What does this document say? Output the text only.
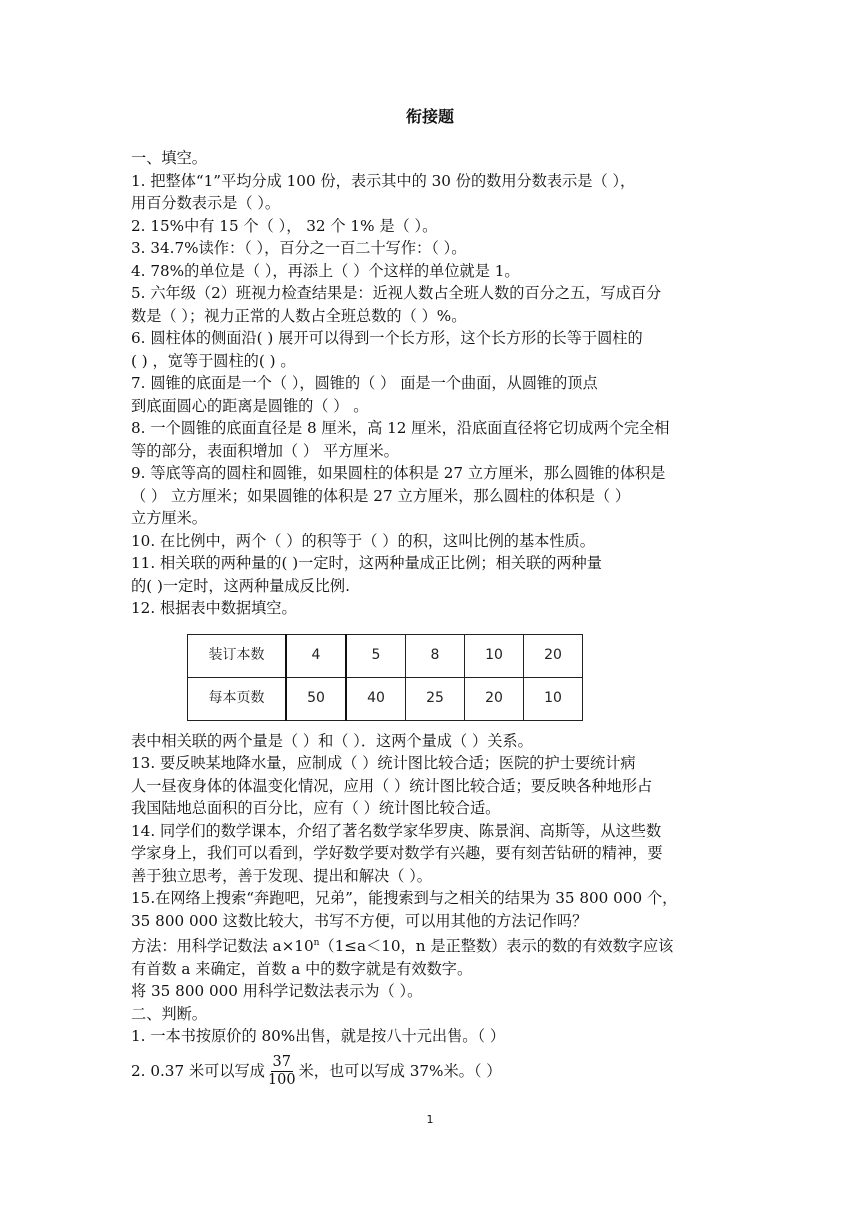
衔接题
一、填空。
1. 把整体“1”平均分成 100 份，表示其中的 30 份的数用分数表示是（ ），
用百分数表示是（ ）。
2. 15%中有 15 个（ ）， 32 个 1% 是（ ）。
3. 34.7%读作：（ ），百分之一百二十写作：（ ）。
4. 78%的单位是（ ），再添上（ ）个这样的单位就是 1。
5. 六年级（2）班视力检查结果是：近视人数占全班人数的百分之五，写成百分
数是（ ）；视力正常的人数占全班总数的（ ）%。
6. 圆柱体的侧面沿( ) 展开可以得到一个长方形，这个长方形的长等于圆柱的
( ) ，宽等于圆柱的( ) 。
7. 圆锥的底面是一个（ ），圆锥的（ ） 面是一个曲面，从圆锥的顶点
到底面圆心的距离是圆锥的（ ） 。
8. 一个圆锥的底面直径是 8 厘米，高 12 厘米，沿底面直径将它切成两个完全相
等的部分，表面积增加（ ） 平方厘米。
9. 等底等高的圆柱和圆锥，如果圆柱的体积是 27 立方厘米，那么圆锥的体积是
（ ） 立方厘米；如果圆锥的体积是 27 立方厘米，那么圆柱的体积是（ ）
立方厘米。
10. 在比例中，两个（ ）的积等于（ ）的积，这叫比例的基本性质。
11. 相关联的两种量的( )一定时，这两种量成正比例；相关联的两种量
的( )一定时，这两种量成反比例.
12. 根据表中数据填空。
装订本数	4	5	8	10	20
每本页数	50	40	25	20	10
表中相关联的两个量是（ ）和（ ）．这两个量成（ ）关系。
13. 要反映某地降水量，应制成（ ）统计图比较合适；医院的护士要统计病
人一昼夜身体的体温变化情况，应用（ ）统计图比较合适；要反映各种地形占
我国陆地总面积的百分比，应有（ ）统计图比较合适。
14. 同学们的数学课本，介绍了著名数学家华罗庚、陈景润、高斯等，从这些数
学家身上，我们可以看到，学好数学要对数学有兴趣，要有刻苦钻研的精神，要
善于独立思考，善于发现、提出和解决（ ）。
15.在网络上搜索“奔跑吧，兄弟”，能搜索到与之相关的结果为 35 800 000 个，
35 800 000 这数比较大，书写不方便，可以用其他的方法记作吗？
方法：用科学记数法 $a\times 10^n(1\le a<10$，n 是正整数）表示的数的有效数字应该
有首数 a 来确定，首数 a 中的数字就是有效数字。
将 35 800 000 用科学记数法表示为（ ）。
二、判断。
1. 一本书按原价的 80%出售，就是按八十元出售。（ ）
2. 0.37 米可以写成 $\frac{37}{100}$ 米，也可以写成 37%米。（ ）
1
